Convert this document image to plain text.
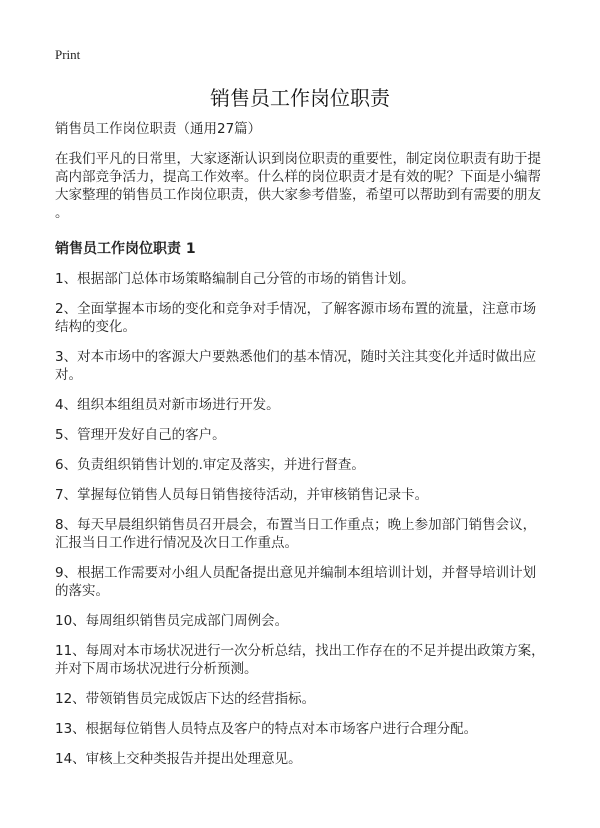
Print
销售员工作岗位职责

销售员工作岗位职责（通用27篇）

在我们平凡的日常里，大家逐渐认识到岗位职责的重要性，制定岗位职责有助于提
高内部竞争活力，提高工作效率。什么样的岗位职责才是有效的呢？下面是小编帮
大家整理的销售员工作岗位职责，供大家参考借鉴，希望可以帮助到有需要的朋友
。

销售员工作岗位职责 1

1、根据部门总体市场策略编制自己分管的市场的销售计划。

2、全面掌握本市场的变化和竞争对手情况，了解客源市场布置的流量，注意市场
结构的变化。

3、对本市场中的客源大户要熟悉他们的基本情况，随时关注其变化并适时做出应
对。

4、组织本组组员对新市场进行开发。

5、管理开发好自己的客户。

6、负责组织销售计划的.审定及落实，并进行督查。

7、掌握每位销售人员每日销售接待活动，并审核销售记录卡。

8、每天早晨组织销售员召开晨会，布置当日工作重点；晚上参加部门销售会议，
汇报当日工作进行情况及次日工作重点。

9、根据工作需要对小组人员配备提出意见并编制本组培训计划，并督导培训计划
的落实。

10、每周组织销售员完成部门周例会。

11、每周对本市场状况进行一次分析总结，找出工作存在的不足并提出政策方案，
并对下周市场状况进行分析预测。

12、带领销售员完成饭店下达的经营指标。

13、根据每位销售人员特点及客户的特点对本市场客户进行合理分配。

14、审核上交种类报告并提出处理意见。
